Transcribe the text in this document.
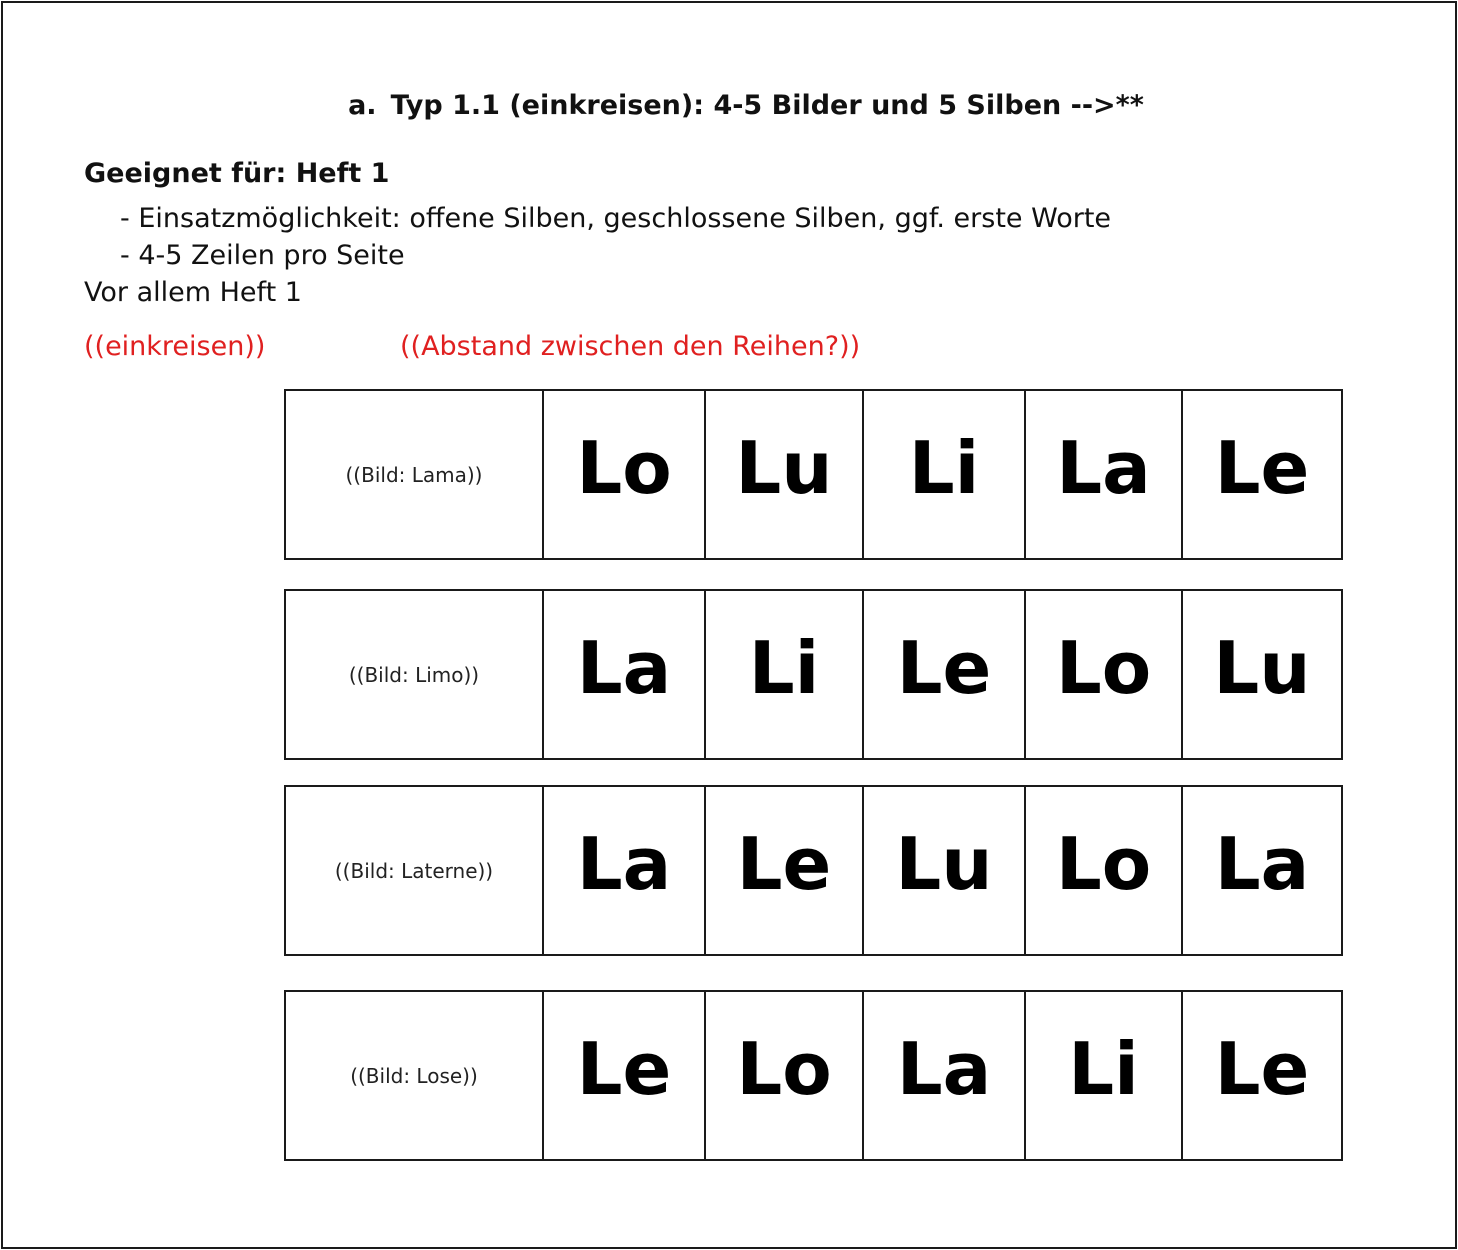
a. Typ 1.1 (einkreisen): 4-5 Bilder und 5 Silben -->**
Geeignet für: Heft 1
- Einsatzmöglichkeit: offene Silben, geschlossene Silben, ggf. erste Worte
- 4-5 Zeilen pro Seite
Vor allem Heft 1
((einkreisen))	((Abstand zwischen den Reihen?))
((Bild: Lama))	Lo	Lu	Li	La	Le
((Bild: Limo))	La	Li	Le	Lo	Lu
((Bild: Laterne))	La	Le	Lu	Lo	La
((Bild: Lose))	Le	Lo	La	Li	Le
